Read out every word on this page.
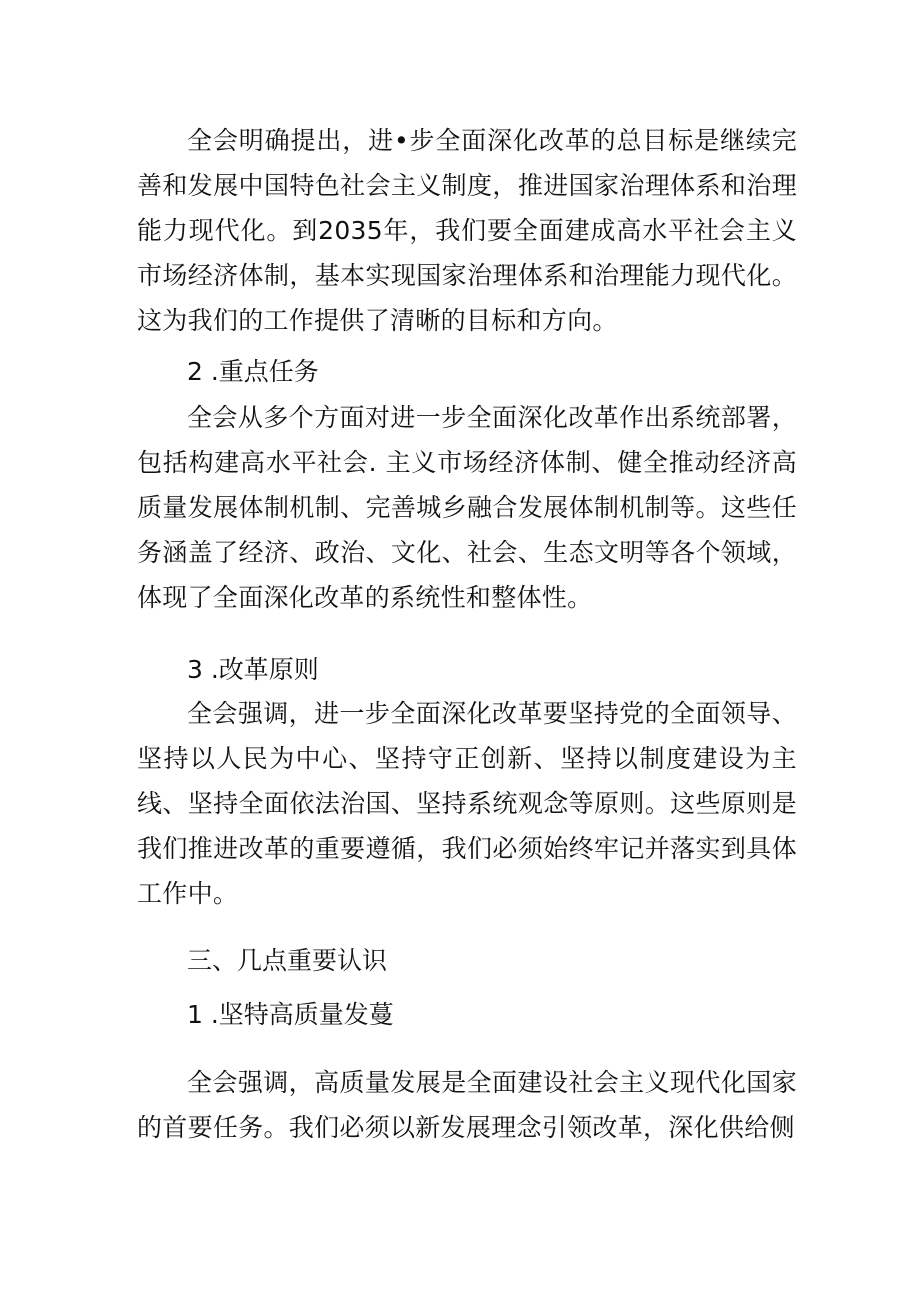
全会明确提出，进•步全面深化改革的总目标是继续完善和发展中国特色社会主义制度，推进国家治理体系和治理能力现代化。到2035年，我们要全面建成高水平社会主义市场经济体制，基本实现国家治理体系和治理能力现代化。这为我们的工作提供了清晰的目标和方向。

2 .重点任务

全会从多个方面对进一步全面深化改革作出系统部署，包括构建高水平社会. 主义市场经济体制、健全推动经济高质量发展体制机制、完善城乡融合发展体制机制等。这些任务涵盖了经济、政治、文化、社会、生态文明等各个领域，体现了全面深化改革的系统性和整体性。

3 .改革原则

全会强调，进一步全面深化改革要坚持党的全面领导、坚持以人民为中心、坚持守正创新、坚持以制度建设为主线、坚持全面依法治国、坚持系统观念等原则。这些原则是我们推进改革的重要遵循，我们必须始终牢记并落实到具体工作中。

三、几点重要认识

1 .坚特高质量发蔓

全会强调，高质量发展是全面建设社会主义现代化国家的首要任务。我们必须以新发展理念引领改革，深化供给侧
